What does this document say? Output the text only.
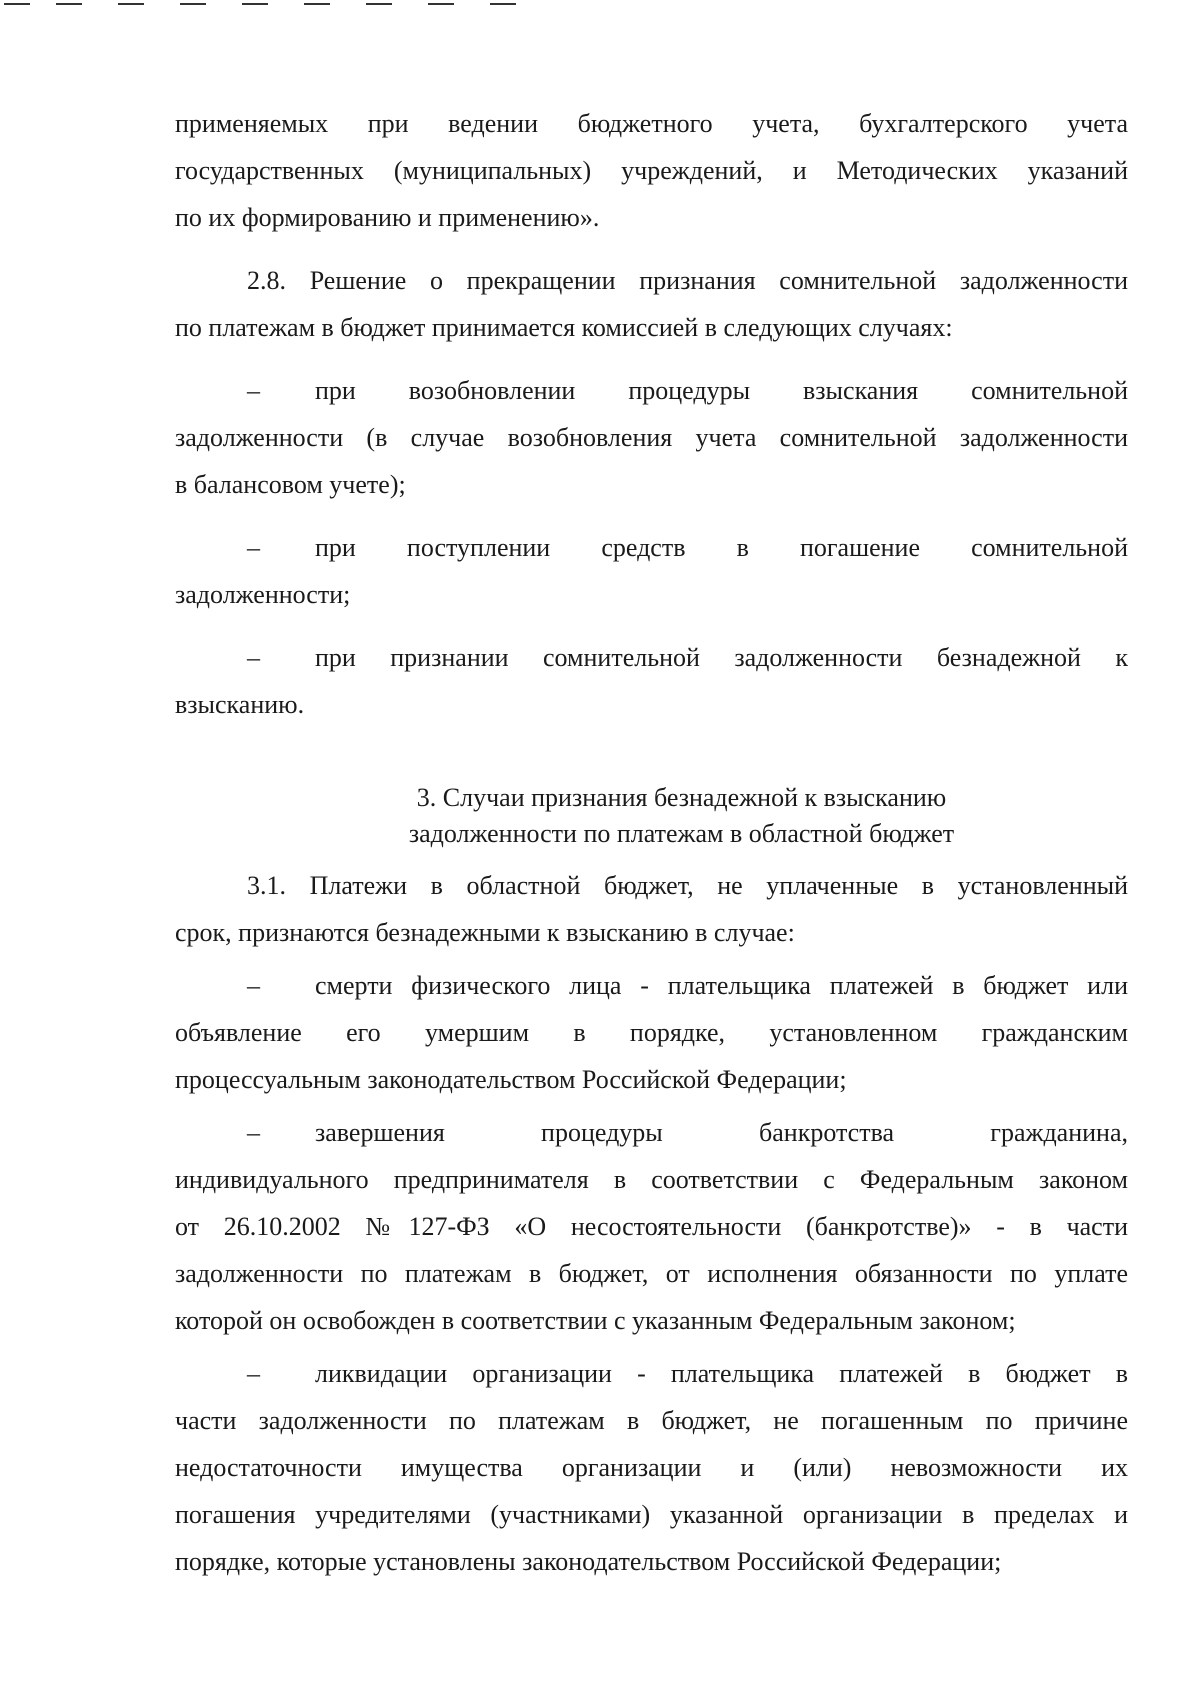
применяемых при ведении бюджетного учета, бухгалтерского учета

государственных (муниципальных) учреждений, и Методических указаний

по их формированию и применению».

2.8. Решение о прекращении признания сомнительной задолженности

по платежам в бюджет принимается комиссией в следующих случаях:

–	при возобновлении процедуры взыскания сомнительной

задолженности (в случае возобновления учета сомнительной задолженности

в балансовом учете);

–	при поступлении средств в погашение сомнительной

задолженности;

–	при признании сомнительной задолженности безнадежной к

взысканию.

3. Случаи признания безнадежной к взысканию

задолженности по платежам в областной бюджет

3.1. Платежи в областной бюджет, не уплаченные в установленный

срок, признаются безнадежными к взысканию в случае:

–	смерти физического лица - плательщика платежей в бюджет или

объявление его умершим в порядке, установленном гражданским

процессуальным законодательством Российской Федерации;

–	завершения процедуры банкротства гражданина,

индивидуального предпринимателя в соответствии с Федеральным законом

от 26.10.2002 №127-ФЗ «О несостоятельности (банкротстве)» - в части

задолженности по платежам в бюджет, от исполнения обязанности по уплате

которой он освобожден в соответствии с указанным Федеральным законом;

–	ликвидации организации - плательщика платежей в бюджет в

части задолженности по платежам в бюджет, не погашенным по причине

недостаточности имущества организации и (или) невозможности их

погашения учредителями (участниками) указанной организации в пределах и

порядке, которые установлены законодательством Российской Федерации;
